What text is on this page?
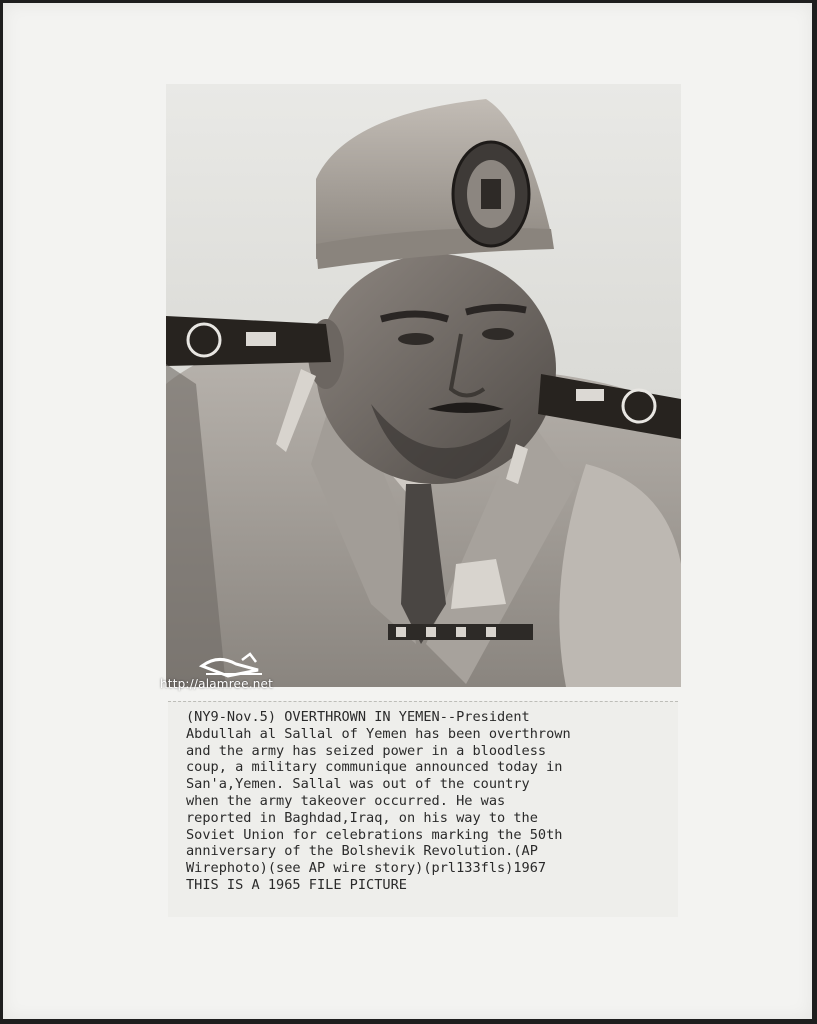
http://alamree.net
(NY9-Nov.5) OVERTHROWN IN YEMEN--President
Abdullah al Sallal of Yemen has been overthrown
and the army has seized power in a bloodless
coup, a military communique announced today in
San'a,Yemen. Sallal was out of the country
when the army takeover occurred. He was
reported in Baghdad,Iraq, on his way to the
Soviet Union for celebrations marking the 50th
anniversary of the Bolshevik Revolution.(AP
Wirephoto)(see AP wire story)(prl133fls)1967
THIS IS A 1965 FILE PICTURE
